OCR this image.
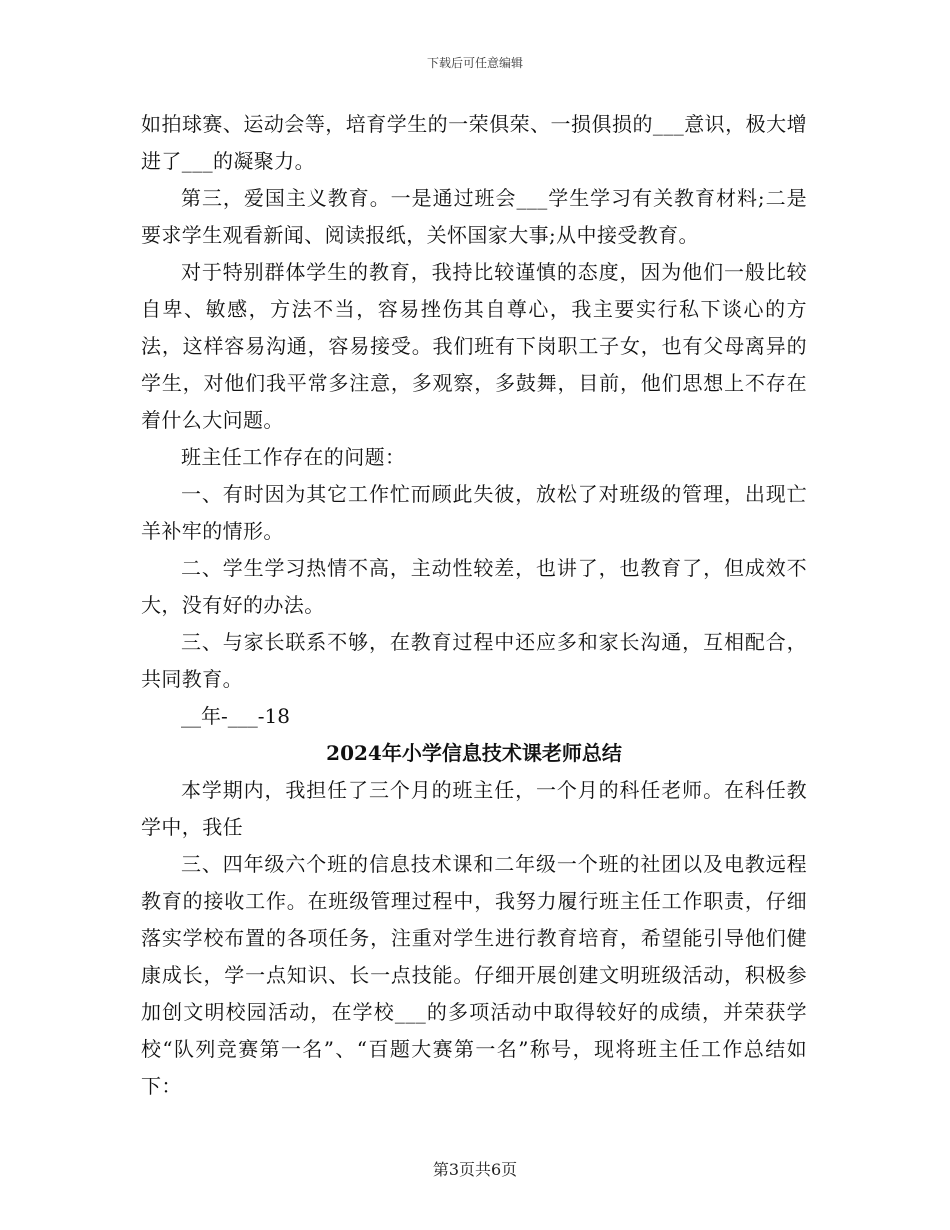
下载后可任意编辑

如拍球赛、运动会等，培育学生的一荣俱荣、一损俱损的___意识，极大增进了___的凝聚力。

第三，爱国主义教育。一是通过班会___学生学习有关教育材料;二是要求学生观看新闻、阅读报纸，关怀国家大事;从中接受教育。

对于特别群体学生的教育，我持比较谨慎的态度，因为他们一般比较自卑、敏感，方法不当，容易挫伤其自尊心，我主要实行私下谈心的方法，这样容易沟通，容易接受。我们班有下岗职工子女，也有父母离异的学生，对他们我平常多注意，多观察，多鼓舞，目前，他们思想上不存在着什么大问题。

班主任工作存在的问题：

一、有时因为其它工作忙而顾此失彼，放松了对班级的管理，出现亡羊补牢的情形。

二、学生学习热情不高，主动性较差，也讲了，也教育了，但成效不大，没有好的办法。

三、与家长联系不够，在教育过程中还应多和家长沟通，互相配合，共同教育。

__年-___-18

2024年小学信息技术课老师总结

本学期内，我担任了三个月的班主任，一个月的科任老师。在科任教学中，我任

三、四年级六个班的信息技术课和二年级一个班的社团以及电教远程教育的接收工作。在班级管理过程中，我努力履行班主任工作职责，仔细落实学校布置的各项任务，注重对学生进行教育培育，希望能引导他们健康成长，学一点知识、长一点技能。仔细开展创建文明班级活动，积极参加创文明校园活动，在学校___的多项活动中取得较好的成绩，并荣获学校“队列竞赛第一名”、“百题大赛第一名”称号，现将班主任工作总结如下：

第3页共6页
